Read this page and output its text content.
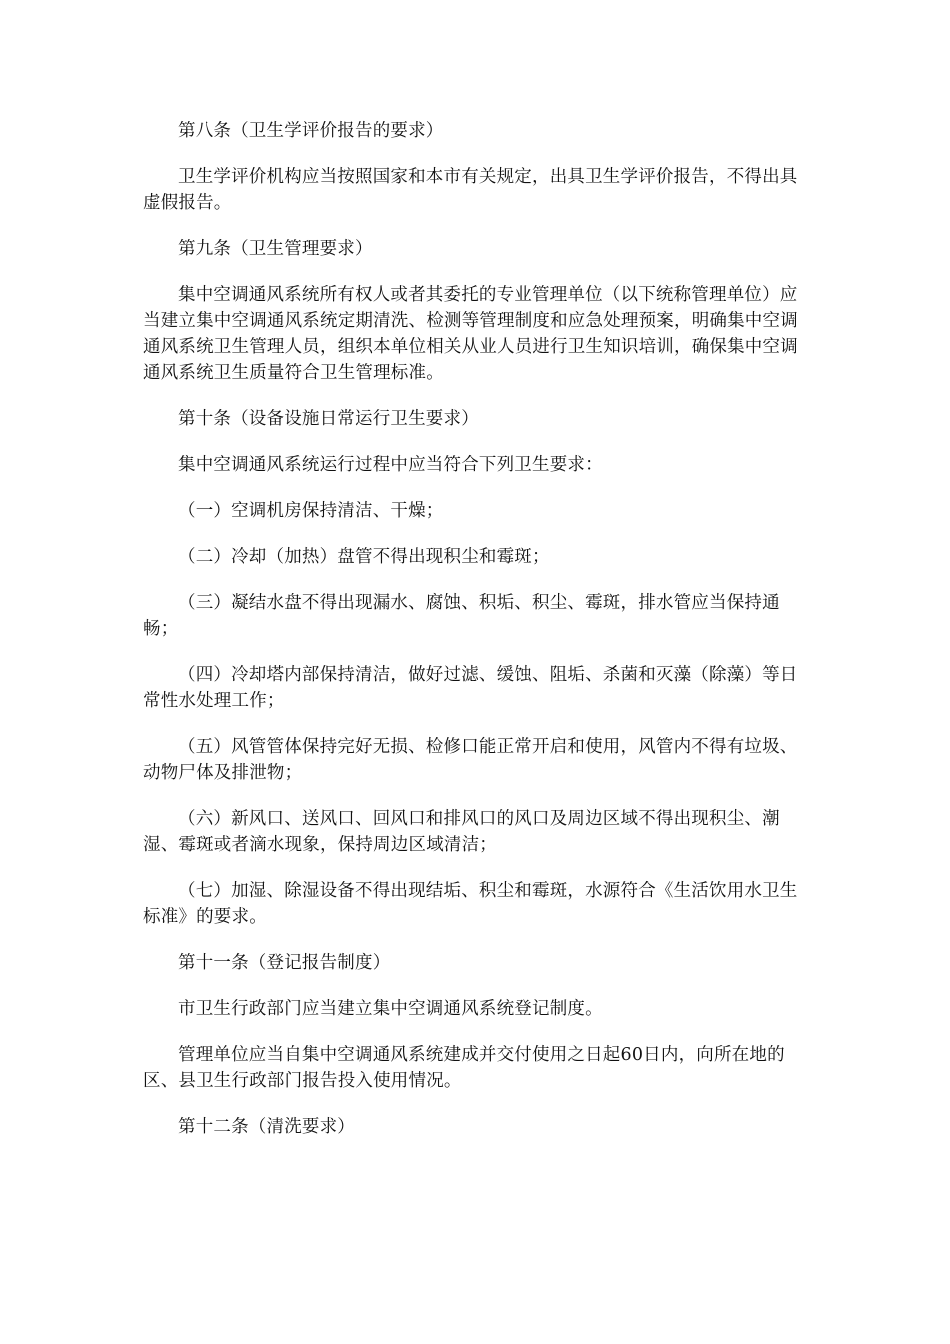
第八条（卫生学评价报告的要求）

卫生学评价机构应当按照国家和本市有关规定，出具卫生学评价报告，不得出具虚假报告。

第九条（卫生管理要求）

集中空调通风系统所有权人或者其委托的专业管理单位（以下统称管理单位）应当建立集中空调通风系统定期清洗、检测等管理制度和应急处理预案，明确集中空调通风系统卫生管理人员，组织本单位相关从业人员进行卫生知识培训，确保集中空调通风系统卫生质量符合卫生管理标准。

第十条（设备设施日常运行卫生要求）

集中空调通风系统运行过程中应当符合下列卫生要求：

（一）空调机房保持清洁、干燥；

（二）冷却（加热）盘管不得出现积尘和霉斑；

（三）凝结水盘不得出现漏水、腐蚀、积垢、积尘、霉斑，排水管应当保持通畅；

（四）冷却塔内部保持清洁，做好过滤、缓蚀、阻垢、杀菌和灭藻（除藻）等日常性水处理工作；

（五）风管管体保持完好无损、检修口能正常开启和使用，风管内不得有垃圾、动物尸体及排泄物；

（六）新风口、送风口、回风口和排风口的风口及周边区域不得出现积尘、潮湿、霉斑或者滴水现象，保持周边区域清洁；

（七）加湿、除湿设备不得出现结垢、积尘和霉斑，水源符合《生活饮用水卫生标准》的要求。

第十一条（登记报告制度）

市卫生行政部门应当建立集中空调通风系统登记制度。

管理单位应当自集中空调通风系统建成并交付使用之日起60日内，向所在地的区、县卫生行政部门报告投入使用情况。

第十二条（清洗要求）
